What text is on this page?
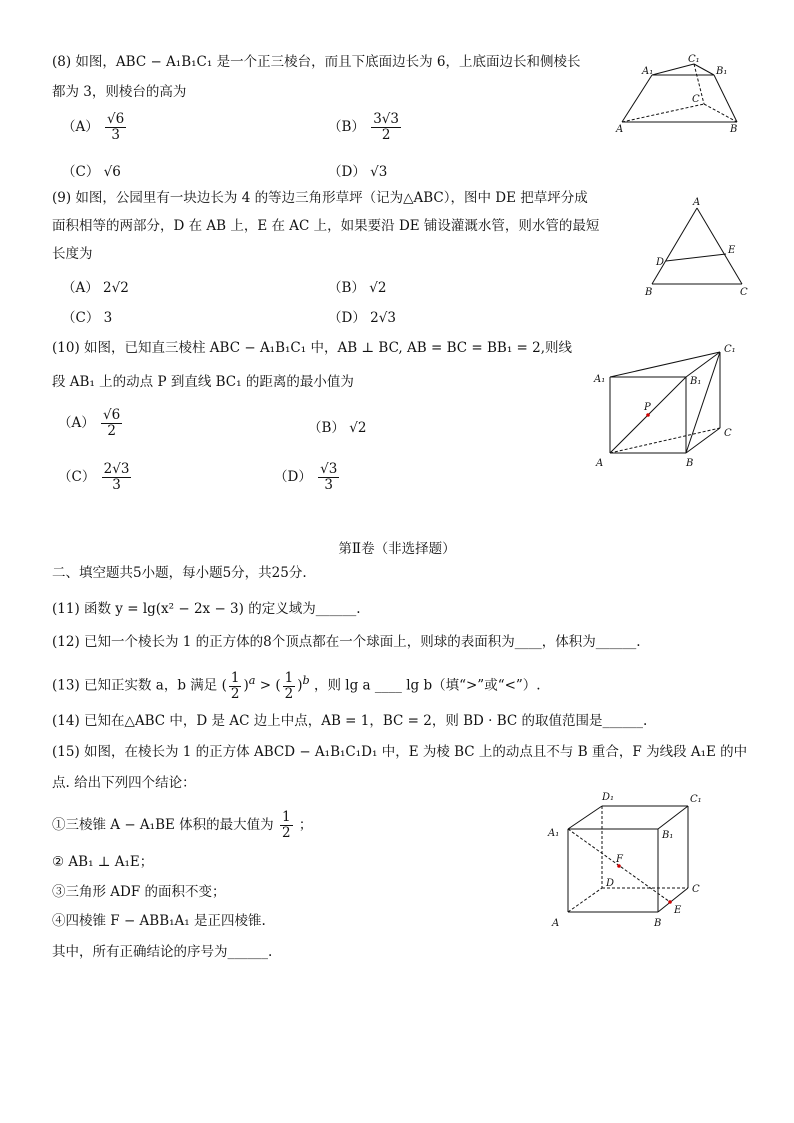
(8) 如图，ABC − A₁B₁C₁ 是一个正三棱台，而且下底面边长为 6，上底面边长和侧棱长
都为 3，则棱台的高为
$(A) \frac{√6}{3}$	$(B) \frac{3√3}{2}$
（C） √6	（D） √3
A₁
C₁
B₁
C
A	B
(9) 如图，公园里有一块边长为 4 的等边三角形草坪（记为△ABC），图中 DE 把草坪分成
面积相等的两部分，D 在 AB 上，E 在 AC 上，如果要沿 DE 铺设灌溉水管，则水管的最短
长度为
（A） 2√2	（B） √2
（C） 3	（D） 2√3
A
D
E
B	C
(10) 如图，已知直三棱柱 ABC − A₁B₁C₁ 中，AB ⊥ BC, AB = BC = BB₁ = 2,则线
段 AB₁ 上的动点 P 到直线 BC₁ 的距离的最小值为
$(A) \frac{√6}{2}$	（B） √2
$(C) \frac{2√3}{3}$	$(D) \frac{√3}{3}$
A₁	B₁
C₁
P
C
A	B
第Ⅱ卷（非选择题）
二、填空题共5小题，每小题5分，共25分.
(11) 函数 y = lg(x² − 2x − 3) 的定义域为______.
(12) 已知一个棱长为 1 的正方体的8个顶点都在一个球面上，则球的表面积为____，体积为______.
(13) 已知正实数 a，b 满足 ( $\frac{1}{2} )^a$ > ( $\frac{1}{2} )^b$ ，则 lg a ____ lg b（填“>”或“<”）.
(14) 已知在△ABC 中，D 是 AC 边上中点，AB = 1，BC = 2，则 BD · BC 的取值范围是______.
(15) 如图，在棱长为 1 的正方体 ABCD − A₁B₁C₁D₁ 中，E 为棱 BC 上的动点且不与 B 重合，F 为线段 A₁E 的中
点. 给出下列四个结论：
①三棱锥 A − A₁BE 体积的最大值为 $\frac{1}{2}$ ；
② AB₁ ⊥ A₁E；
③三角形 ADF 的面积不变；
④四棱锥 F − ABB₁A₁ 是正四棱锥.
其中，所有正确结论的序号为______.
D₁	C₁
A₁	B₁
F
D
C
E
A	B
